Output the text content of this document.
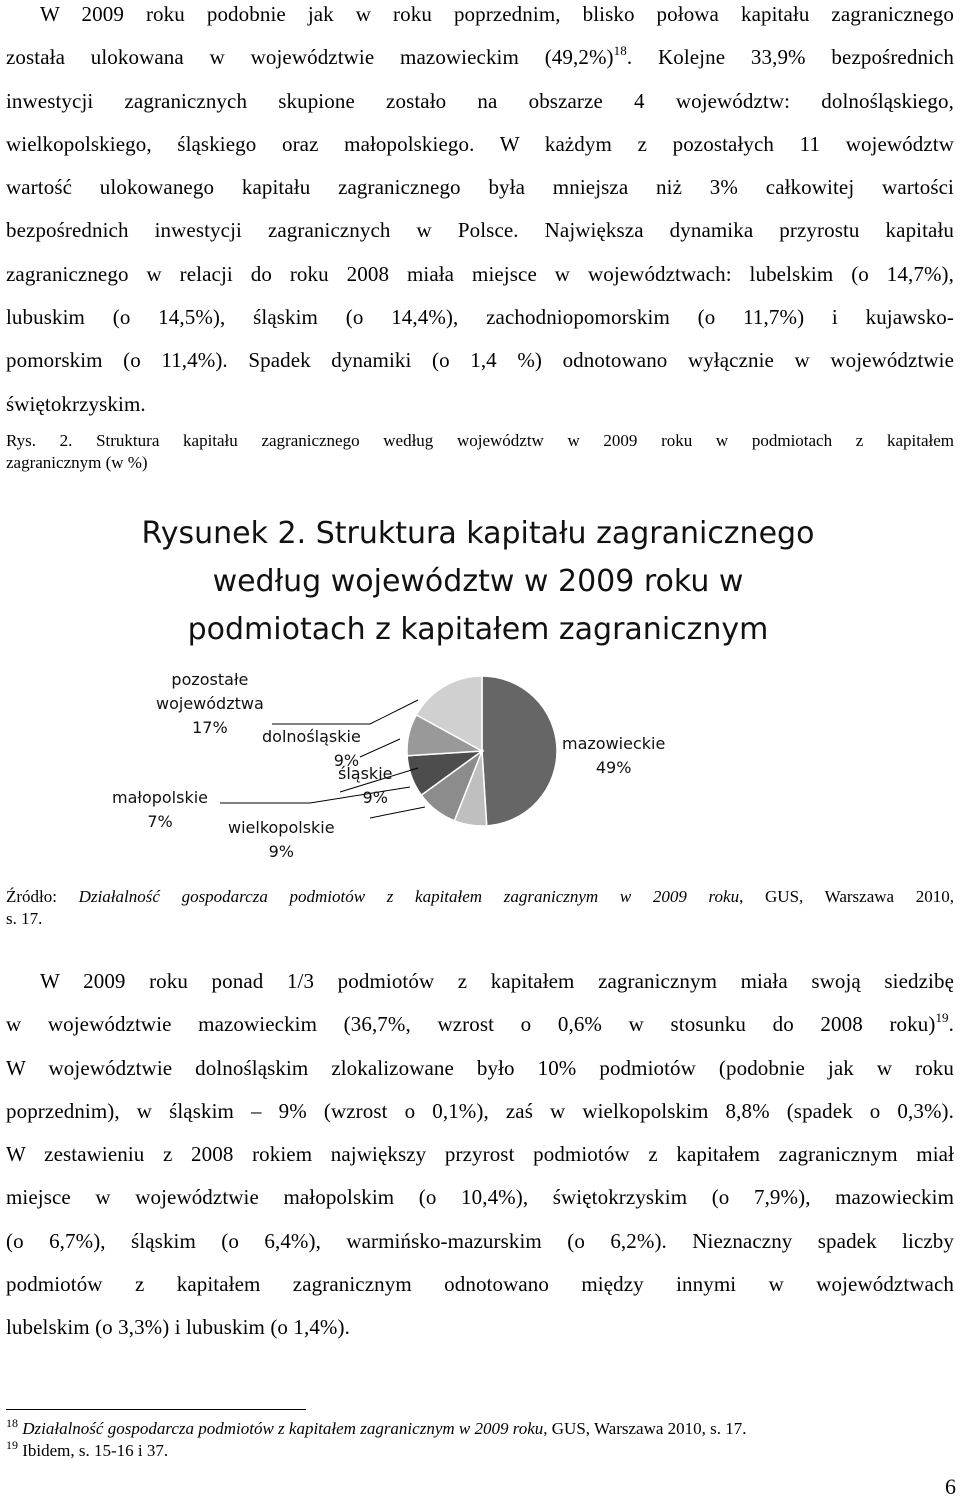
W 2009 roku podobnie jak w roku poprzednim, blisko połowa kapitału zagranicznego
została ulokowana w województwie mazowieckim $(49,2\%)^{18}$. Kolejne 33,9% bezpośrednich
inwestycji zagranicznych skupione zostało na obszarze 4 województw: dolnośląskiego,
wielkopolskiego, śląskiego oraz małopolskiego. W każdym z pozostałych 11 województw
wartość ulokowanego kapitału zagranicznego była mniejsza niż 3% całkowitej wartości
bezpośrednich inwestycji zagranicznych w Polsce. Największa dynamika przyrostu kapitału
zagranicznego w relacji do roku 2008 miała miejsce w województwach: lubelskim (o 14,7%),
lubuskim (o 14,5%), śląskim (o 14,4%), zachodniopomorskim (o 11,7%) i kujawsko-
pomorskim (o 11,4%). Spadek dynamiki (o 1,4 %) odnotowano wyłącznie w województwie
świętokrzyskim.
Rys. 2. Struktura kapitału zagranicznego według województw w 2009 roku w podmiotach z kapitałem
zagranicznym (w %)
Rysunek 2. Struktura kapitału zagranicznego
według województw w 2009 roku w
podmiotach z kapitałem zagranicznym
pozostałe
województwa
17%	dolnośląskie
9%
śląskie
9%
małopolskie
7%	wielkopolskie
9%
mazowieckie
49%
Źródło: Działalność gospodarcza podmiotów z kapitałem zagranicznym w 2009 roku, GUS, Warszawa 2010,
s. 17.
W 2009 roku ponad 1/3 podmiotów z kapitałem zagranicznym miała swoją siedzibę
w województwie mazowieckim (36,7%, wzrost o 0,6% w stosunku do 2008 roku)$^{19}$.
W województwie dolnośląskim zlokalizowane było 10% podmiotów (podobnie jak w roku
poprzednim), w śląskim – 9% (wzrost o 0,1%), zaś w wielkopolskim 8,8% (spadek o 0,3%).
W zestawieniu z 2008 rokiem największy przyrost podmiotów z kapitałem zagranicznym miał
miejsce w województwie małopolskim (o 10,4%), świętokrzyskim (o 7,9%), mazowieckim
(o 6,7%), śląskim (o 6,4%), warmińsko-mazurskim (o 6,2%). Nieznaczny spadek liczby
podmiotów z kapitałem zagranicznym odnotowano między innymi w województwach
lubelskim (o 3,3%) i lubuskim (o 1,4%).
$^{18}$ Działalność gospodarcza podmiotów z kapitałem zagranicznym w 2009 roku, GUS, Warszawa 2010, s. 17.
$^{19}$ Ibidem, s. 15-16 i 37.
6
